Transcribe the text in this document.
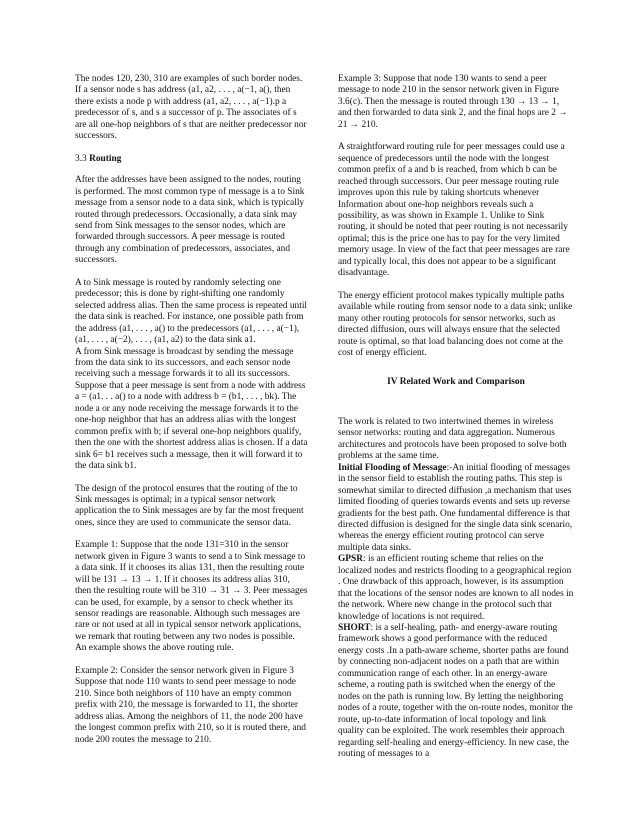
The nodes 120, 230, 310 are examples of such border nodes. If a sensor node s has address (a1, a2, . . . , a(−1, a(), then there exists a node p with address (a1, a2, . . . , a(−1).p a predecessor of s, and s a successor of p. The associates of s are all one-hop neighbors of s that are neither predecessor nor successors.

3.3 Routing

After the addresses have been assigned to the nodes, routing is performed. The most common type of message is a to Sink message from a sensor node to a data sink, which is typically routed through predecessors. Occasionally, a data sink may send from Sink messages to the sensor nodes, which are forwarded through successors. A peer message is routed through any combination of predecessors, associates, and successors.

A to Sink message is routed by randomly selecting one predecessor; this is done by right-shifting one randomly selected address alias. Then the same process is repeated until the data sink is reached. For instance, one possible path from the address (a1, . . . , a() to the predecessors (a1, . . . , a(−1), (a1, . . . , a(−2), . . . , (a1, a2) to the data sink a1.

A from Sink message is broadcast by sending the message from the data sink to its successors, and each sensor node receiving such a message forwards it to all its successors. Suppose that a peer message is sent from a node with address a = (a1. . . a() to a node with address b = (b1, . . . , bk). The node a or any node receiving the message forwards it to the one-hop neighbor that has an address alias with the longest common prefix with b; if several one-hop neighbors qualify, then the one with the shortest address alias is chosen. If a data sink 6= b1 receives such a message, then it will forward it to the data sink b1.

The design of the protocol ensures that the routing of the to Sink messages is optimal; in a typical sensor network application the to Sink messages are by far the most frequent ones, since they are used to communicate the sensor data.

Example 1: Suppose that the node 131=310 in the sensor network given in Figure 3 wants to send a to Sink message to a data sink. If it chooses its alias 131, then the resulting route will be 131 → 13 → 1. If it chooses its address alias 310, then the resulting route will be 310 → 31 → 3. Peer messages can be used, for example, by a sensor to check whether its sensor readings are reasonable. Although such messages are rare or not used at all in typical sensor network applications, we remark that routing between any two nodes is possible. An example shows the above routing rule.

Example 2: Consider the sensor network given in Figure 3 Suppose that node 110 wants to send peer message to node 210. Since both neighbors of 110 have an empty common prefix with 210, the message is forwarded to 11, the shorter address alias. Among the neighbors of 11, the node 200 have the longest common prefix with 210, so it is routed there, and node 200 routes the message to 210.

Example 3: Suppose that node 130 wants to send a peer message to node 210 in the sensor network given in Figure 3.6(c). Then the message is routed through 130 → 13 → 1, and then forwarded to data sink 2, and the final hops are 2 → 21 → 210.

A straightforward routing rule for peer messages could use a sequence of predecessors until the node with the longest common prefix of a and b is reached, from which b can be reached through successors. Our peer message routing rule improves upon this rule by taking shortcuts whenever Information about one-hop neighbors reveals such a possibility, as was shown in Example 1. Unlike to Sink routing, it should be noted that peer routing is not necessarily optimal; this is the price one has to pay for the very limited memory usage. In view of the fact that peer messages are rare and typically local, this does not appear to be a significant disadvantage.

The energy efficient protocol makes typically multiple paths available while routing from sensor node to a data sink; unlike many other routing protocols for sensor networks, such as directed diffusion, ours will always ensure that the selected route is optimal, so that load balancing does not come at the cost of energy efficient.

IV Related Work and Comparison

The work is related to two intertwined themes in wireless sensor networks: routing and data aggregation. Numerous architectures and protocols have been proposed to solve both problems at the same time.

Initial Flooding of Message:-An initial flooding of messages in the sensor field to establish the routing paths. This step is somewhat similar to directed diffusion ,a mechanism that uses limited flooding of queries towards events and sets up reverse gradients for the best path. One fundamental difference is that directed diffusion is designed for the single data sink scenario, whereas the energy efficient routing protocol can serve multiple data sinks.

GPSR: is an efficient routing scheme that relies on the localized nodes and restricts flooding to a geographical region . One drawback of this approach, however, is its assumption that the locations of the sensor nodes are known to all nodes in the network. Where new change in the protocol such that knowledge of locations is not required.

SHORT: is a self-healing, path- and energy-aware routing framework shows a good performance with the reduced energy costs .In a path-aware scheme, shorter paths are found by connecting non-adjacent nodes on a path that are within communication range of each other. In an energy-aware scheme, a routing path is switched when the energy of the nodes on the path is running low. By letting the neighboring nodes of a route, together with the on-route nodes, monitor the route, up-to-date information of local topology and link quality can be exploited. The work resembles their approach regarding self-healing and energy-efficiency. In new case, the routing of messages to a
